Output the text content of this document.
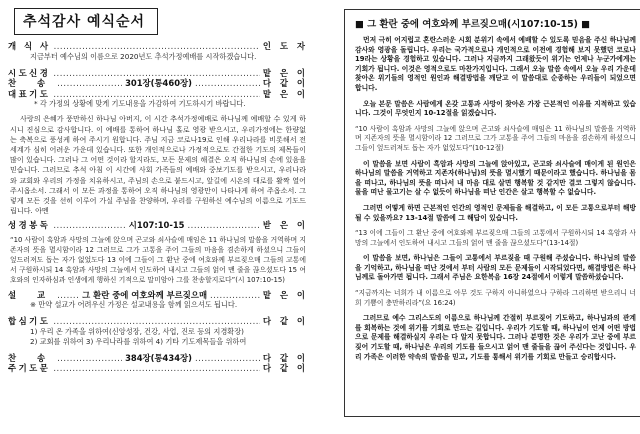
추석감사 예식순서
개 식 사 .....	인 도 자
지금부터 예수님의 이름으로 2020년도 추석가정예배를 시작하겠습니다.
시도신경 .....	맡 은 이
찬 송 .....	301장(통460장) .....	다 같 이
대표기도 .....	맡 은 이
* 각 가정의 상황에 맞게 기도내용을 가감하여 기도하시기 바랍니다.

사랑의 은혜가 풍만하신 하나님 아버지, 이 시간 추석가정예배로 하나님께 예배할 수 있게 하시니 진심으로 감사합니다. 이 예배를 통하여 하나님 홀로 영광 받으시고, 우리가정에는 한량없는 축복으로 풍성케 하여 주시기 원합니다. 주님 지금 코로나19로 인해 우리나라를 비롯해서 전 세계가 심히 어려운 가운데 있습니다. 또한 개인적으로나 가정적으로도 간절한 기도의 제목들이 많이 있습니다. 그러나 그 어떤 것이라 할지라도, 모든 문제의 해결은 오직 하나님의 손에 있음을 믿습니다. 그러므로 추석 아침 이 시간에 사회 가족들의 예배와 중보기도를 받으시고, 우리나라와 교회와 우리의 가정을 치유하시고, 주님의 손으로 붙드시고, 앞길에 시온의 대로를 활짝 열어 주시옵소서. 그래서 이 모든 과정을 통하여 오직 하나님의 영광만이 나타나게 하여 주옵소서. 그렇게 모든 것을 선히 이루어 가실 주님을 찬양하며, 우리를 구원하신 예수님의 이름으로 기도드립니다. 아멘

성경봉독 .....	시107:10-15 .....	받 은 이

“10 사람이 흑암과 사망의 그늘에 앉으며 곤고와 쇠사슬에 매임은 11 하나님의 말씀을 거역하며 지존자의 뜻을 멸시함이라 12 그러므로 그가 고통을 주어 그들의 마음을 겸손하게 하셨으니 그들이 엎드러져도 돕는 자가 없었도다 13 이에 그들이 그 환난 중에 여호와께 부르짖으매 그들의 고통에서 구원하시되 14 흑암과 사망의 그늘에서 인도하여 내시고 그들의 얽어 맨 줄을 끊으셨도다 15 여호와의 인자하심과 인생에게 행하신 기적으로 말미암아 그를 찬송할지로다”(시 107:10-15)

설 교 .....	그 환란 중에 여호와께 부르짖으매 .....	맡 은 이
※ 만약 설교가 어려우신 가정은 설교내용을 함께 읽으셔도 됩니다.
합심기도 .....	다 같 이
1) 우리 온 가족을 위하여(신앙성장, 건강, 사업, 진로 등의 지경확장)
2) 교회를 위하여 3) 우리나라를 위하여 4) 기타 기도제목들을 위하여
찬 송 .....	384장(통434장) .....	다 같 이
주기도문 .....	다 같 이
■ 그 환란 중에 여호와께 부르짖으매(시107:10-15) ■

먼저 극히 어지럽고 혼란스러운 시회 분위기 속에서 예배할 수 있도록 믿음을 주신 하나님께 감사와 영광을 돌립니다. 우리는 국가적으로나 개인적으로 이전에 경험해 보지 못했던 코로나19라는 상황을 경험하고 있습니다. 그러나 지금까지 그래왔듯이 위기는 언제나 누군가에게는 기회가 됩니다. 이것은 영적으로도 마찬가지입니다. 그래서 오늘 말씀 속에서 오늘 우리 가운데 찾아온 위기들의 영적인 원인과 해결방법을 깨닫고 이 말씀대로 순종하는 우리들이 되었으면 합니다.

오늘 본문 말씀은 사람에게 온갖 고통과 사망이 찾아온 가장 근본적인 이유를 지적하고 있습니다. 그것이 무엇인지 10-12절을 읽겠습니다.

“10 사람이 흑암과 사망의 그늘에 앉으며 곤고와 쇠사슬에 매임은 11 하나님의 말씀을 거역하며 지존자의 뜻을 멸시함이라 12 그러므로 그가 고통을 주어 그들의 마음을 겸손하게 하셨으니 그들이 엎드러져도 돕는 자가 없었도다”(10-12절)

이 말씀을 보면 사람이 흑암과 사망의 그늘에 앉아있고, 곤고와 쇠사슬에 매이게 된 원인은 하나님의 말씀을 거역하고 지존자(하나님)의 뜻을 멸시했기 때문이라고 했습니다. 하나님을 몸을 떠나고, 하나님의 뜻을 떠나서 내 마음 대로 살면 행복할 것 같지만 결코 그렇지 않습니다. 물을 떠난 물고기는 살 수 없듯이 하나님을 떠난 인간은 살고 행복할 수 없습니다.

그러면 어떻게 하면 근본적인 인간의 영적인 문제들을 해결하고, 이 모든 고통으로부터 해방될 수 있을까요? 13-14절 말씀에 그 해답이 있습니다.

“13 이에 그들이 그 환난 중에 여호와께 부르짖으매 그들의 고통에서 구원하시되 14 흑암과 사망의 그늘에서 인도하여 내시고 그들의 얽어 맨 줄을 끊으셨도다”(13-14절)

이 말씀을 보면, 하나님은 그들이 고통에서 부르짖을 때 구원해 주셨습니다. 하나님의 말씀을 기억하고, 하나님을 떠난 것에서 부터 사람의 모든 문제들이 시작되었다면, 해결방법은 하나님께로 돌아가면 됩니다. 그래서 주님은 요한복음 16장 24절에서 이렇게 말씀하셨습니다.

“지금까지는 너희가 내 이름으로 아무 것도 구하지 아니하였으나 구하라 그리하면 받으리니 너희 기쁨이 충만하리라”(요 16:24)

그러므로 예수 그리스도의 이름으로 하나님께 간절히 부르짖어 기도하고, 하나님과의 관계를 회복하는 것에 위기를 기회로 만드는 길입니다. 우리가 기도할 때, 하나님이 언제 어떤 방법으로 문제를 해결하실지 우리는 다 알지 못합니다. 그러나 분명한 것은 우리가 고난 중에 부르짖어 기도할 때, 하나님은 우리의 기도를 들으시고 얽어 맨 줄들을 끊어 주신다는 것입니다. 우리 가족은 이러한 약속의 말씀을 믿고, 기도를 통해서 위기를 기회로 만들고 승리합시다.
